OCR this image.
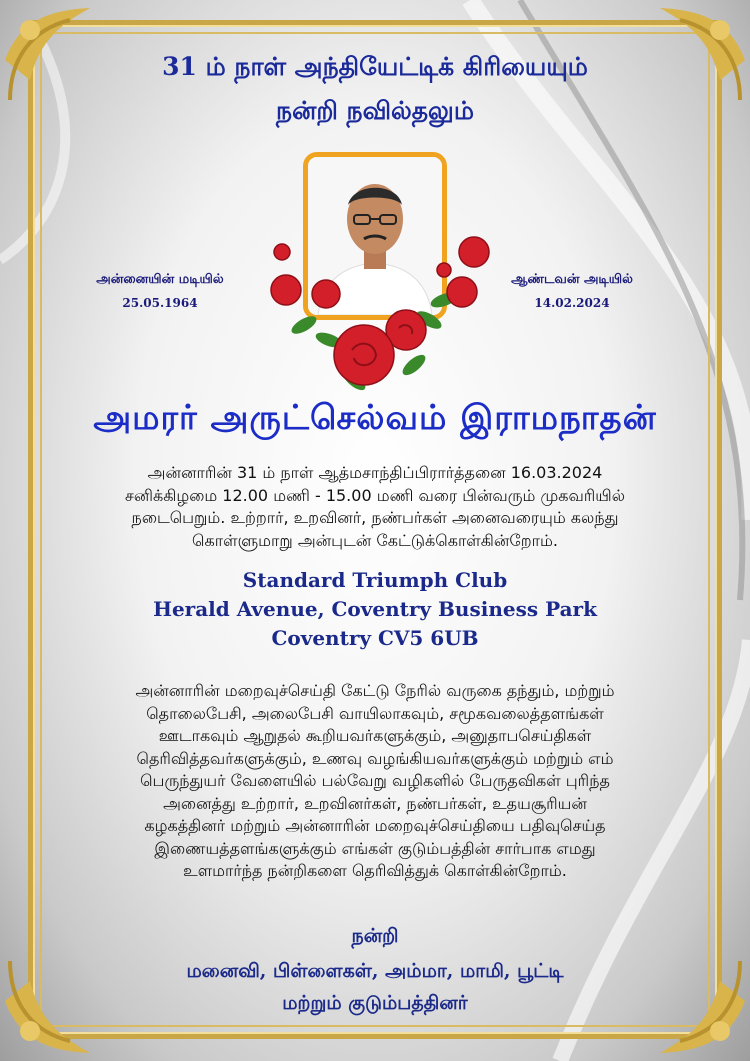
31 ம் நாள் அந்தியேட்டிக் கிரியையும்
நன்றி நவில்தலும்
அன்னையின் மடியில்
25.05.1964
ஆண்டவன் அடியில்
14.02.2024
அமரர் அருட்செல்வம் இராமநாதன்
அன்னாரின் 31 ம் நாள் ஆத்மசாந்திப்பிரார்த்தனை 16.03.2024
சனிக்கிழமை 12.00 மணி - 15.00 மணி வரை பின்வரும் முகவரியில்
நடைபெறும். உற்றார், உறவினர், நண்பர்கள் அனைவரையும் கலந்து
கொள்ளுமாறு அன்புடன் கேட்டுக்கொள்கின்றோம்.
Standard Triumph Club
Herald Avenue, Coventry Business Park
Coventry CV5 6UB
அன்னாரின் மறைவுச்செய்தி கேட்டு நேரில் வருகை தந்தும், மற்றும்
தொலைபேசி, அலைபேசி வாயிலாகவும், சமூகவலைத்தளங்கள்
ஊடாகவும் ஆறுதல் கூறியவர்களுக்கும், அனுதாபசெய்திகள்
தெரிவித்தவர்களுக்கும், உணவு வழங்கியவர்களுக்கும் மற்றும் எம்
பெருந்துயர் வேளையில் பல்வேறு வழிகளில் பேருதவிகள் புரிந்த
அனைத்து உற்றார், உறவினர்கள், நண்பர்கள், உதயசூரியன்
கழகத்தினர் மற்றும் அன்னாரின் மறைவுச்செய்தியை பதிவுசெய்த
இணையத்தளங்களுக்கும் எங்கள் குடும்பத்தின் சார்பாக எமது
உளமார்ந்த நன்றிகளை தெரிவித்துக் கொள்கின்றோம்.
நன்றி
மனைவி, பிள்ளைகள், அம்மா, மாமி, பூட்டி
மற்றும் குடும்பத்தினர்
